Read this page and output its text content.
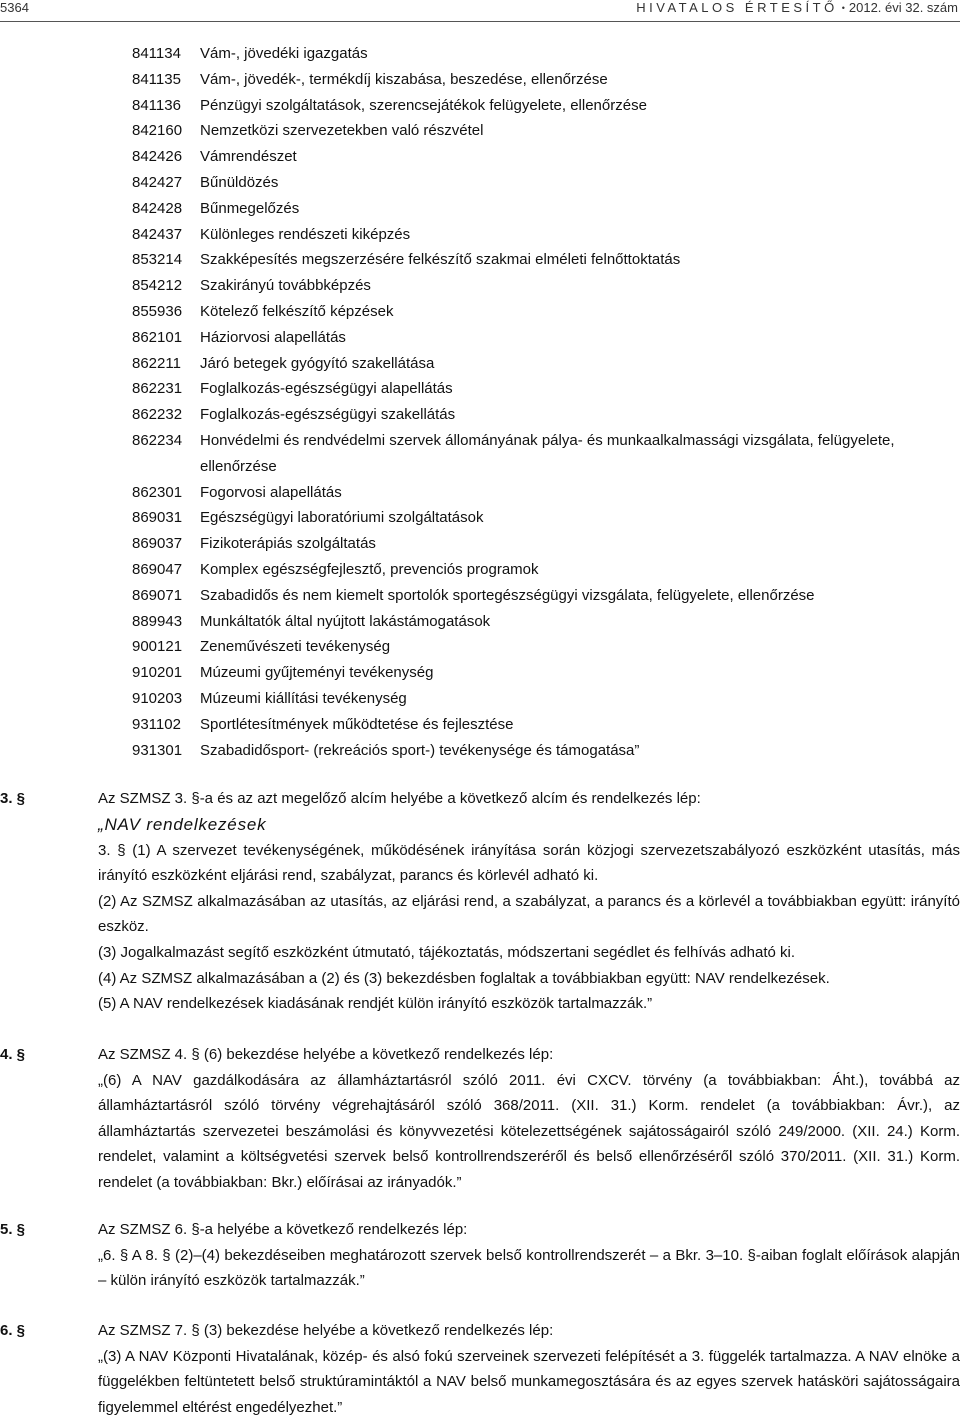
5364	HIVATALOS ÉRTESÍTŐ • 2012. évi 32. szám
841134	Vám-, jövedéki igazgatás
841135	Vám-, jövedék-, termékdíj kiszabása, beszedése, ellenőrzése
841136	Pénzügyi szolgáltatások, szerencsejátékok felügyelete, ellenőrzése
842160	Nemzetközi szervezetekben való részvétel
842426	Vámrendészet
842427	Bűnüldözés
842428	Bűnmegelőzés
842437	Különleges rendészeti kiképzés
853214	Szakképesítés megszerzésére felkészítő szakmai elméleti felnőttoktatás
854212	Szakirányú továbbképzés
855936	Kötelező felkészítő képzések
862101	Háziorvosi alapellátás
862211	Járó betegek gyógyító szakellátása
862231	Foglalkozás-egészségügyi alapellátás
862232	Foglalkozás-egészségügyi szakellátás
862234	Honvédelmi és rendvédelmi szervek állományának pálya- és munkaalkalmassági vizsgálata, felügyelete, ellenőrzése
862301	Fogorvosi alapellátás
869031	Egészségügyi laboratóriumi szolgáltatások
869037	Fizikoterápiás szolgáltatás
869047	Komplex egészségfejlesztő, prevenciós programok
869071	Szabadidős és nem kiemelt sportolók sportegészségügyi vizsgálata, felügyelete, ellenőrzése
889943	Munkáltatók által nyújtott lakástámogatások
900121	Zeneművészeti tevékenység
910201	Múzeumi gyűjteményi tevékenység
910203	Múzeumi kiállítási tevékenység
931102	Sportlétesítmények működtetése és fejlesztése
931301	Szabadidősport- (rekreációs sport-) tevékenysége és támogatása”
3. §	Az SZMSZ 3. §-a és az azt megelőző alcím helyébe a következő alcím és rendelkezés lép:

„NAV rendelkezések

3. § (1) A szervezet tevékenységének, működésének irányítása során közjogi szervezetszabályozó eszközként utasítás, más irányító eszközként eljárási rend, szabályzat, parancs és körlevél adható ki.

(2) Az SZMSZ alkalmazásában az utasítás, az eljárási rend, a szabályzat, a parancs és a körlevél a továbbiakban együtt: irányító eszköz.

(3) Jogalkalmazást segítő eszközként útmutató, tájékoztatás, módszertani segédlet és felhívás adható ki.

(4) Az SZMSZ alkalmazásában a (2) és (3) bekezdésben foglaltak a továbbiakban együtt: NAV rendelkezések.

(5) A NAV rendelkezések kiadásának rendjét külön irányító eszközök tartalmazzák.”

4. §	Az SZMSZ 4. § (6) bekezdése helyébe a következő rendelkezés lép:

„(6) A NAV gazdálkodására az államháztartásról szóló 2011. évi CXCV. törvény (a továbbiakban: Áht.), továbbá az államháztartásról szóló törvény végrehajtásáról szóló 368/2011. (XII. 31.) Korm. rendelet (a továbbiakban: Ávr.), az államháztartás szervezetei beszámolási és könyvvezetési kötelezettségének sajátosságairól szóló 249/2000. (XII. 24.) Korm. rendelet, valamint a költségvetési szervek belső kontrollrendszeréről és belső ellenőrzéséről szóló 370/2011. (XII. 31.) Korm. rendelet (a továbbiakban: Bkr.) előírásai az irányadók.”

5. §	Az SZMSZ 6. §-a helyébe a következő rendelkezés lép:

„6. § A 8. § (2)–(4) bekezdéseiben meghatározott szervek belső kontrollrendszerét – a Bkr. 3–10. §-aiban foglalt előírások alapján – külön irányító eszközök tartalmazzák.”

6. §	Az SZMSZ 7. § (3) bekezdése helyébe a következő rendelkezés lép:

„(3) A NAV Központi Hivatalának, közép- és alsó fokú szerveinek szervezeti felépítését a 3. függelék tartalmazza. A NAV elnöke a függelékben feltüntetett belső struktúramintáktól a NAV belső munkamegosztására és az egyes szervek hatásköri sajátosságaira figyelemmel eltérést engedélyezhet.”
